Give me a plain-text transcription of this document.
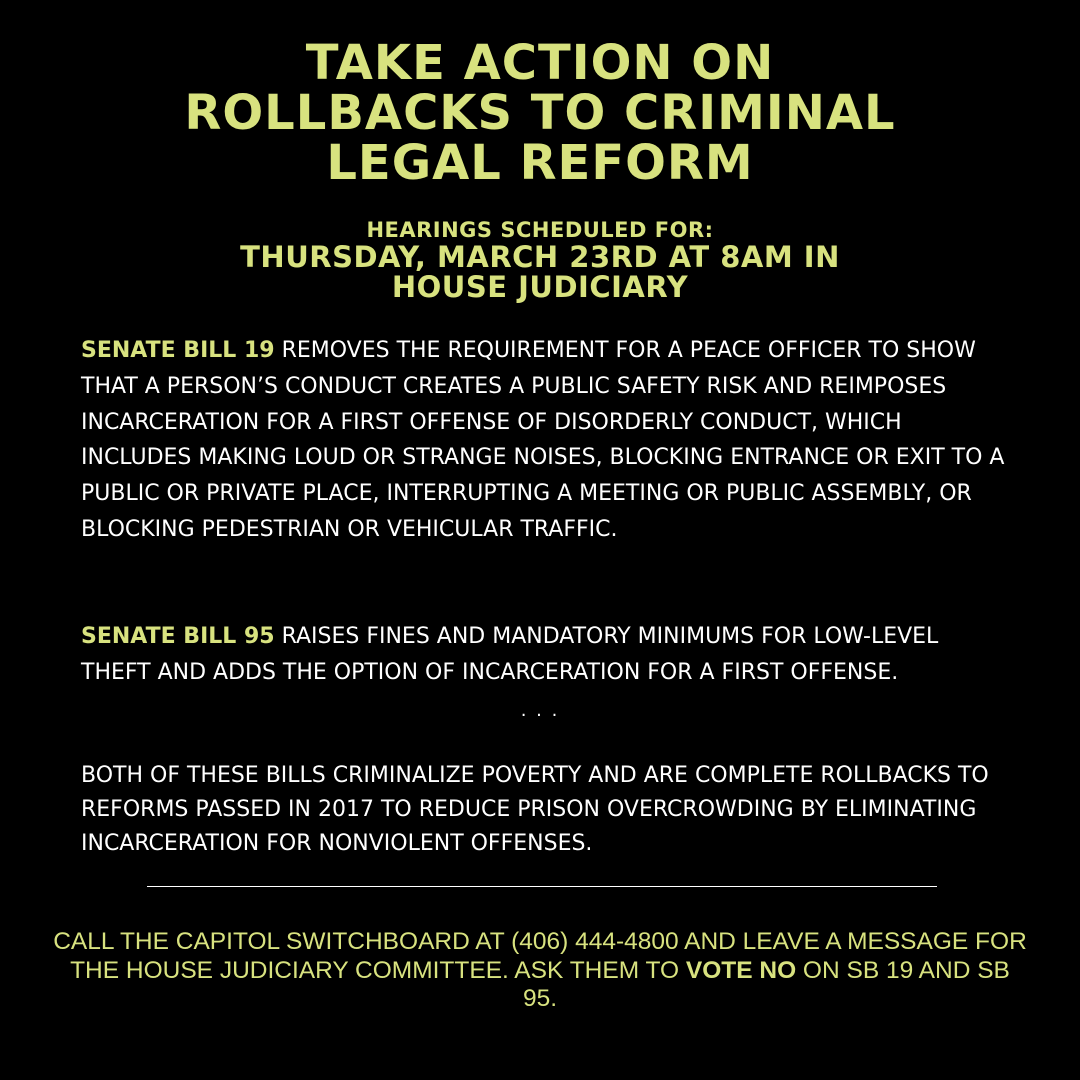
TAKE ACTION ON
ROLLBACKS TO CRIMINAL
LEGAL REFORM
HEARINGS SCHEDULED FOR:
THURSDAY, MARCH 23RD AT 8AM IN
HOUSE JUDICIARY

SENATE BILL 19 REMOVES THE REQUIREMENT FOR A PEACE OFFICER TO SHOW THAT A PERSON’S CONDUCT CREATES A PUBLIC SAFETY RISK AND REIMPOSES INCARCERATION FOR A FIRST OFFENSE OF DISORDERLY CONDUCT, WHICH INCLUDES MAKING LOUD OR STRANGE NOISES, BLOCKING ENTRANCE OR EXIT TO A PUBLIC OR PRIVATE PLACE, INTERRUPTING A MEETING OR PUBLIC ASSEMBLY, OR BLOCKING PEDESTRIAN OR VEHICULAR TRAFFIC.

SENATE BILL 95 RAISES FINES AND MANDATORY MINIMUMS FOR LOW-LEVEL THEFT AND ADDS THE OPTION OF INCARCERATION FOR A FIRST OFFENSE.

. . .

BOTH OF THESE BILLS CRIMINALIZE POVERTY AND ARE COMPLETE ROLLBACKS TO REFORMS PASSED IN 2017 TO REDUCE PRISON OVERCROWDING BY ELIMINATING INCARCERATION FOR NONVIOLENT OFFENSES.

CALL THE CAPITOL SWITCHBOARD AT (406) 444-4800 AND LEAVE A MESSAGE FOR THE HOUSE JUDICIARY COMMITTEE. ASK THEM TO VOTE NO ON SB 19 AND SB 95.
